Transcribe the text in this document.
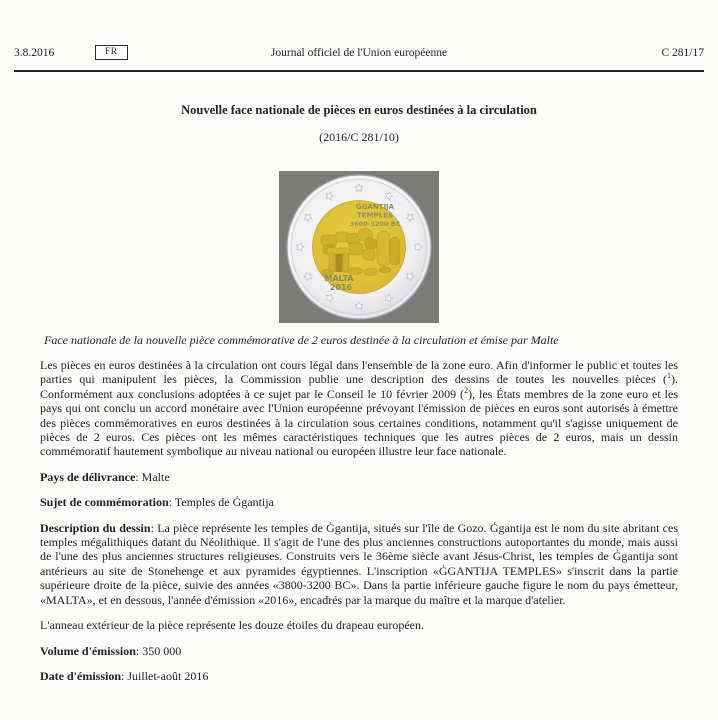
3.8.2016	Journal officiel de l'Union européenne
FR	C 281/17
Nouvelle face nationale de pièces en euros destinées à la circulation
(2016/C 281/10)
ĠGANTIJA
TEMPLES
3600-3200 BC
MALTA
2016
Face nationale de la nouvelle pièce commémorative de 2 euros destinée à la circulation et émise par Malte

Les pièces en euros destinées à la circulation ont cours légal dans l'ensemble de la zone euro. Afin d'informer le public et toutes les parties qui manipulent les pièces, la Commission publie une description des dessins de toutes les nouvelles pièces ($^1$). Conformément aux conclusions adoptées à ce sujet par le Conseil le 10 février 2009 ($^2$), les États membres de la zone euro et les pays qui ont conclu un accord monétaire avec l'Union européenne prévoyant l'émission de pièces en euros sont autorisés à émettre des pièces commémoratives en euros destinées à la circulation sous certaines conditions, notamment qu'il s'agisse uniquement de pièces de 2 euros. Ces pièces ont les mêmes caractéristiques techniques que les autres pièces de 2 euros, mais un dessin commémoratif hautement symbolique au niveau national ou européen illustre leur face nationale.

Pays de délivrance: Malte

Sujet de commémoration: Temples de Ġgantija

Description du dessin: La pièce représente les temples de Ġgantija, situés sur l'île de Gozo. Ġgantija est le nom du site abritant ces temples mégalithiques datant du Néolithique. Il s'agit de l'une des plus anciennes constructions autoportantes du monde, mais aussi de l'une des plus anciennes structures religieuses. Construits vers le 36ème siècle avant Jésus-Christ, les temples de Ġgantija sont antérieurs au site de Stonehenge et aux pyramides égyptiennes. L'inscription «ĠGANTIJA TEMPLES» s'inscrit dans la partie supérieure droite de la pièce, suivie des années «3800-3200 BC». Dans la partie inférieure gauche figure le nom du pays émetteur, «MALTA», et en dessous, l'année d'émission «2016», encadrés par la marque du maître et la marque d'atelier.

L'anneau extérieur de la pièce représente les douze étoiles du drapeau européen.

Volume d'émission: 350 000

Date d'émission: Juillet-août 2016
